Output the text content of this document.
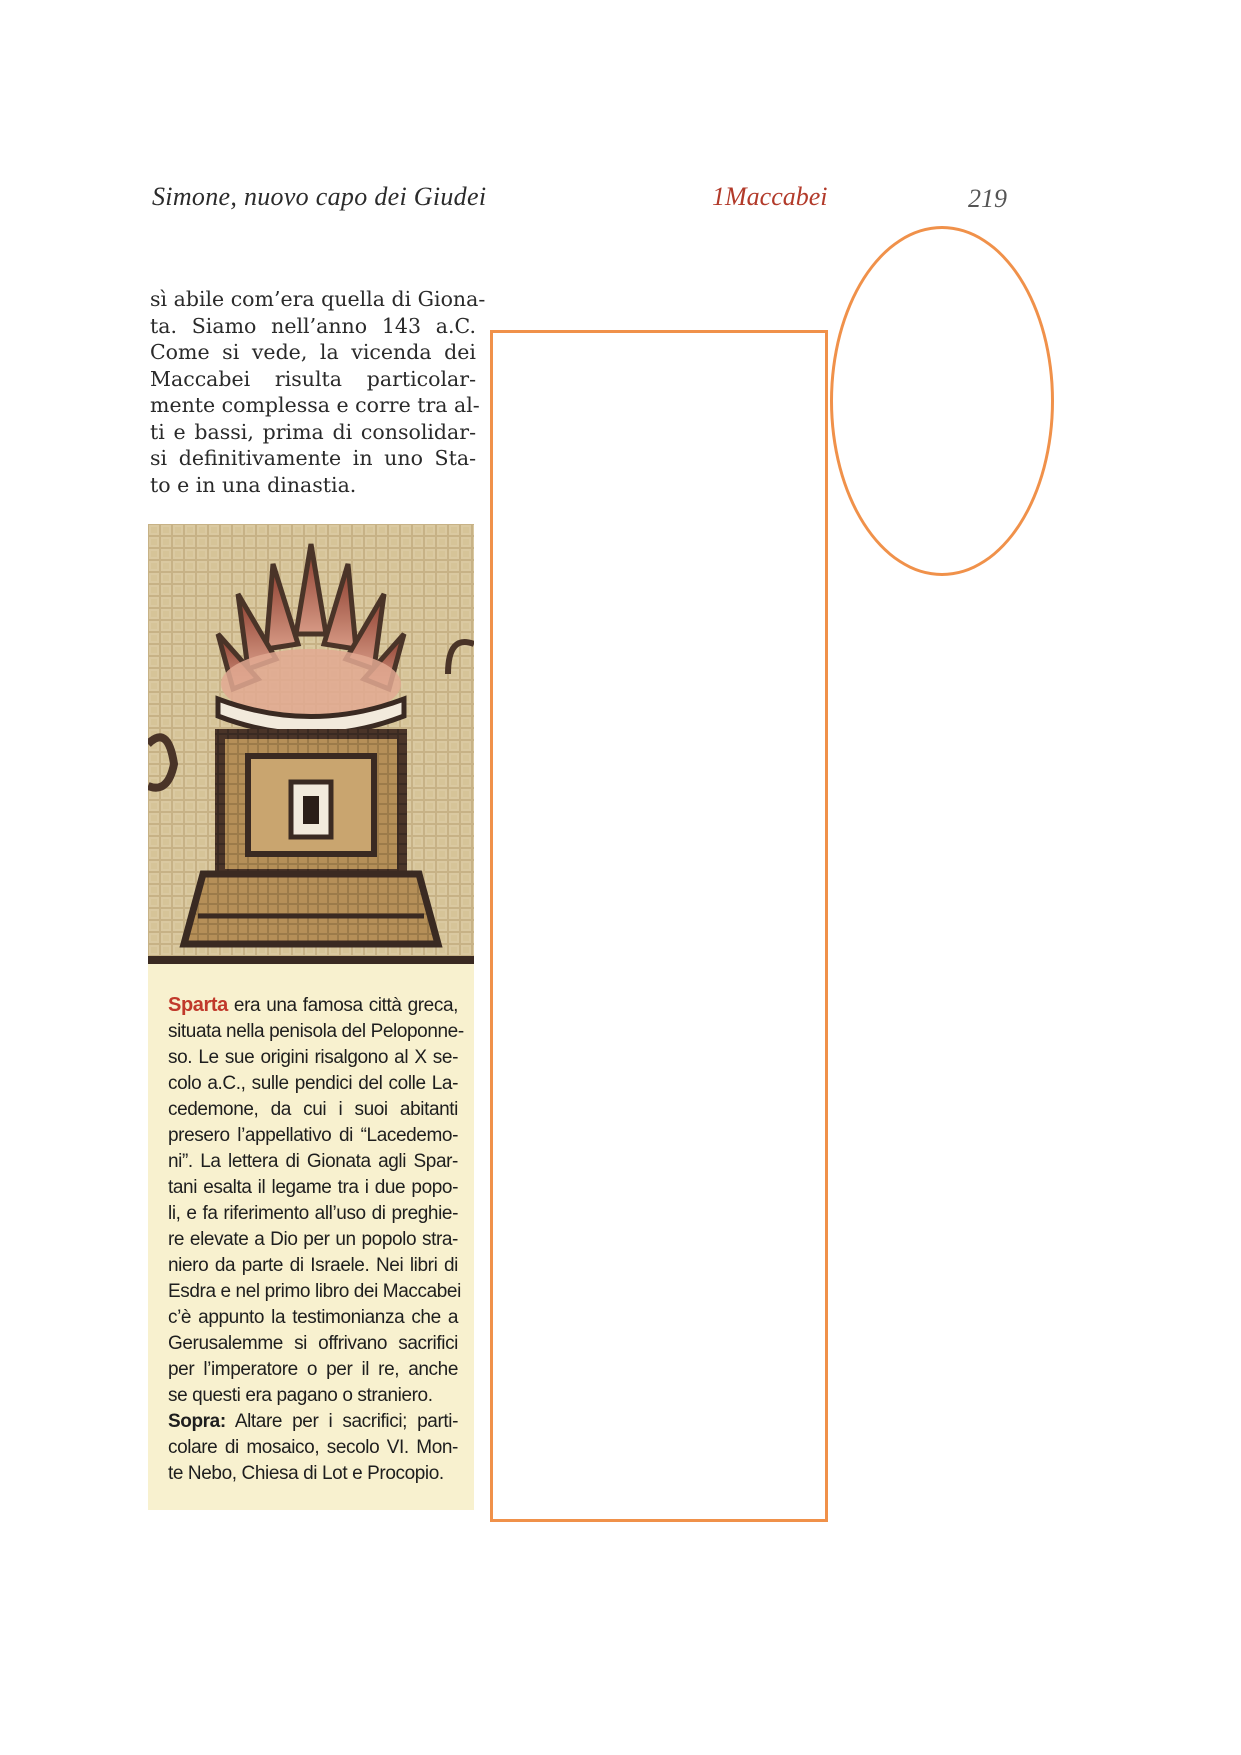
Simone, nuovo capo dei Giudei	1Maccabei	219

sì abile com’era quella di Giona-
ta. Siamo nell’anno 143 a.C.
Come si vede, la vicenda dei
Maccabei risulta particolar-
mente complessa e corre tra al-
ti e bassi, prima di consolidar-
si definitivamente in uno Sta-
to e in una dinastia.

Sparta era una famosa città greca,
situata nella penisola del Peloponne-
so. Le sue origini risalgono al X se-
colo a.C., sulle pendici del colle La-
cedemone, da cui i suoi abitanti
presero l’appellativo di “Lacedemo-
ni”. La lettera di Gionata agli Spar-
tani esalta il legame tra i due popo-
li, e fa riferimento all’uso di preghie-
re elevate a Dio per un popolo stra-
niero da parte di Israele. Nei libri di
Esdra e nel primo libro dei Maccabei
c’è appunto la testimonianza che a
Gerusalemme si offrivano sacrifici
per l’imperatore o per il re, anche
se questi era pagano o straniero.
Sopra: Altare per i sacrifici; parti-
colare di mosaico, secolo VI. Mon-
te Nebo, Chiesa di Lot e Procopio.
